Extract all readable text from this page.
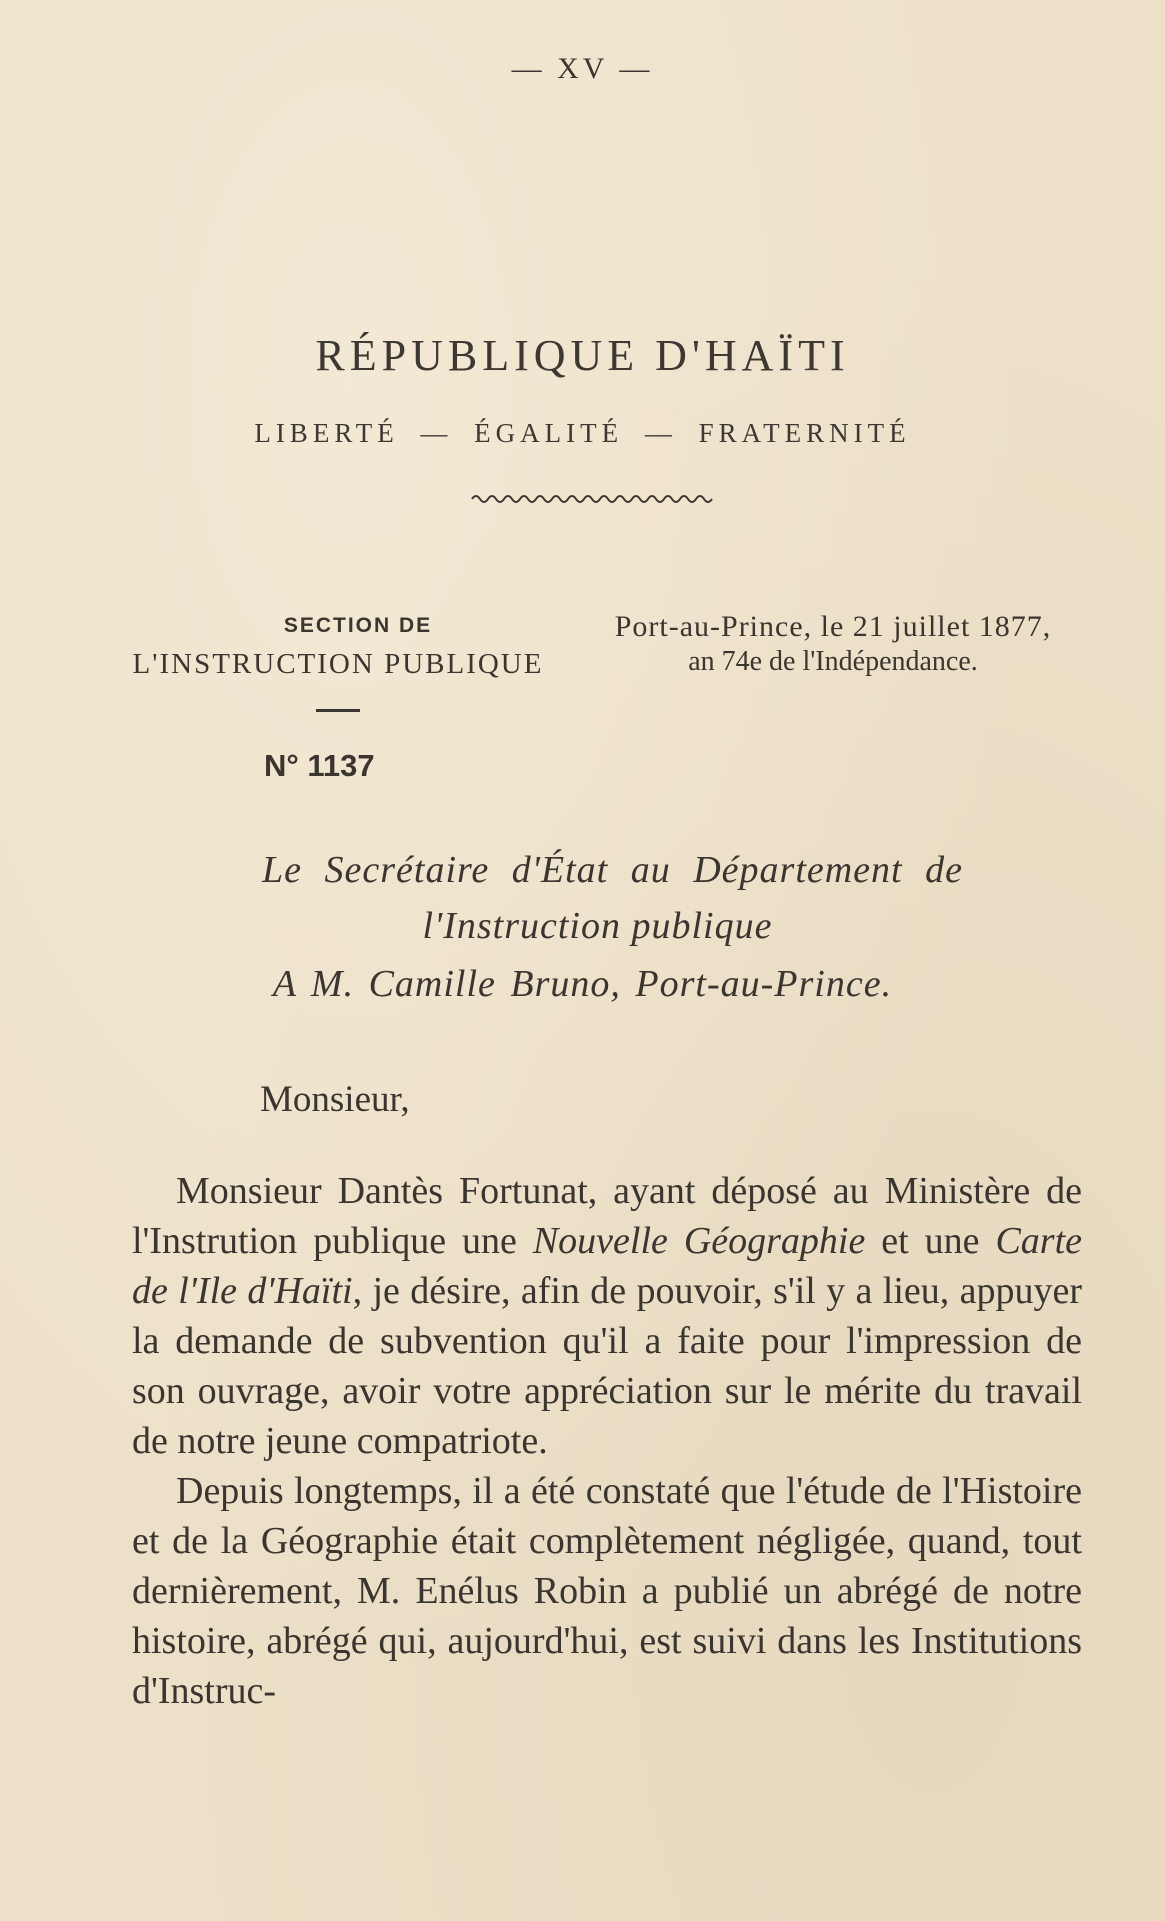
— XV —
RÉPUBLIQUE D'HAÏTI
LIBERTÉ — ÉGALITÉ — FRATERNITÉ
SECTION DE
L'INSTRUCTION PUBLIQUE
Port-au-Prince, le 21 juillet 1877,
an 74e de l'Indépendance.
N° 1137
Le Secrétaire d'État au Département de
l'Instruction publique
A M. Camille Bruno, Port-au-Prince.
Monsieur,

Monsieur Dantès Fortunat, ayant déposé au Ministère de l'Instrution publique une Nouvelle Géographie et une Carte de l'Ile d'Haïti, je désire, afin de pouvoir, s'il y a lieu, appuyer la demande de subvention qu'il a faite pour l'impression de son ouvrage, avoir votre appréciation sur le mérite du travail de notre jeune compatriote.

Depuis longtemps, il a été constaté que l'étude de l'Histoire et de la Géographie était complètement négligée, quand, tout dernièrement, M. Enélus Robin a publié un abrégé de notre histoire, abrégé qui, aujourd'hui, est suivi dans les Institutions d'Instruc-
